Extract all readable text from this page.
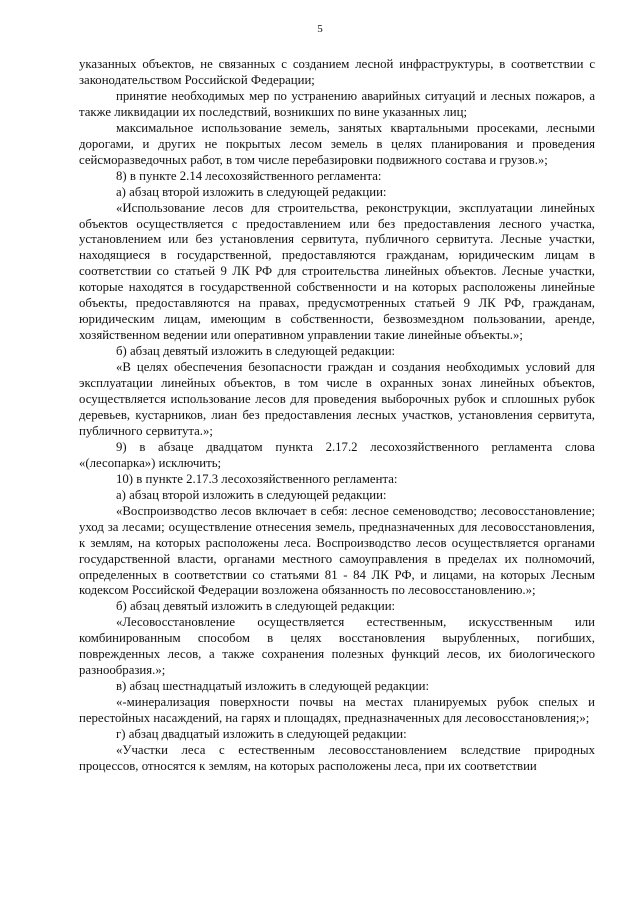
5

указанных объектов, не связанных с созданием лесной инфраструктуры, в соответствии с законодательством Российской Федерации;

принятие необходимых мер по устранению аварийных ситуаций и лесных пожаров, а также ликвидации их последствий, возникших по вине указанных лиц;

максимальное использование земель, занятых квартальными просеками, лесными дорогами, и других не покрытых лесом земель в целях планирования и проведения сейсморазведочных работ, в том числе перебазировки подвижного состава и грузов.»;

8) в пункте 2.14 лесохозяйственного регламента:

а) абзац второй изложить в следующей редакции:

«Использование лесов для строительства, реконструкции, эксплуатации линейных объектов осуществляется с предоставлением или без предоставления лесного участка, установлением или без установления сервитута, публичного сервитута. Лесные участки, находящиеся в государственной, предоставляются гражданам, юридическим лицам в соответствии со статьей 9 ЛК РФ для строительства линейных объектов. Лесные участки, которые находятся в государственной собственности и на которых расположены линейные объекты, предоставляются на правах, предусмотренных статьей 9 ЛК РФ, гражданам, юридическим лицам, имеющим в собственности, безвозмездном пользовании, аренде, хозяйственном ведении или оперативном управлении такие линейные объекты.»;

б) абзац девятый изложить в следующей редакции:

«В целях обеспечения безопасности граждан и создания необходимых условий для эксплуатации линейных объектов, в том числе в охранных зонах линейных объектов, осуществляется использование лесов для проведения выборочных рубок и сплошных рубок деревьев, кустарников, лиан без предоставления лесных участков, установления сервитута, публичного сервитута.»;

9) в абзаце двадцатом пункта 2.17.2 лесохозяйственного регламента слова «(лесопарка») исключить;

10) в пункте 2.17.3 лесохозяйственного регламента:

а) абзац второй изложить в следующей редакции:

«Воспроизводство лесов включает в себя: лесное семеноводство; лесовосстановление; уход за лесами; осуществление отнесения земель, предназначенных для лесовосстановления, к землям, на которых расположены леса. Воспроизводство лесов осуществляется органами государственной власти, органами местного самоуправления в пределах их полномочий, определенных в соответствии со статьями 81 - 84 ЛК РФ, и лицами, на которых Лесным кодексом Российской Федерации возложена обязанность по лесовосстановлению.»;

б) абзац девятый изложить в следующей редакции:

«Лесовосстановление осуществляется естественным, искусственным или комбинированным способом в целях восстановления вырубленных, погибших, поврежденных лесов, а также сохранения полезных функций лесов, их биологического разнообразия.»;

в) абзац шестнадцатый изложить в следующей редакции:

«-минерализация поверхности почвы на местах планируемых рубок спелых и перестойных насаждений, на гарях и площадях, предназначенных для лесовосстановления;»;

г) абзац двадцатый изложить в следующей редакции:

«Участки леса с естественным лесовосстановлением вследствие природных процессов, относятся к землям, на которых расположены леса, при их соответствии
